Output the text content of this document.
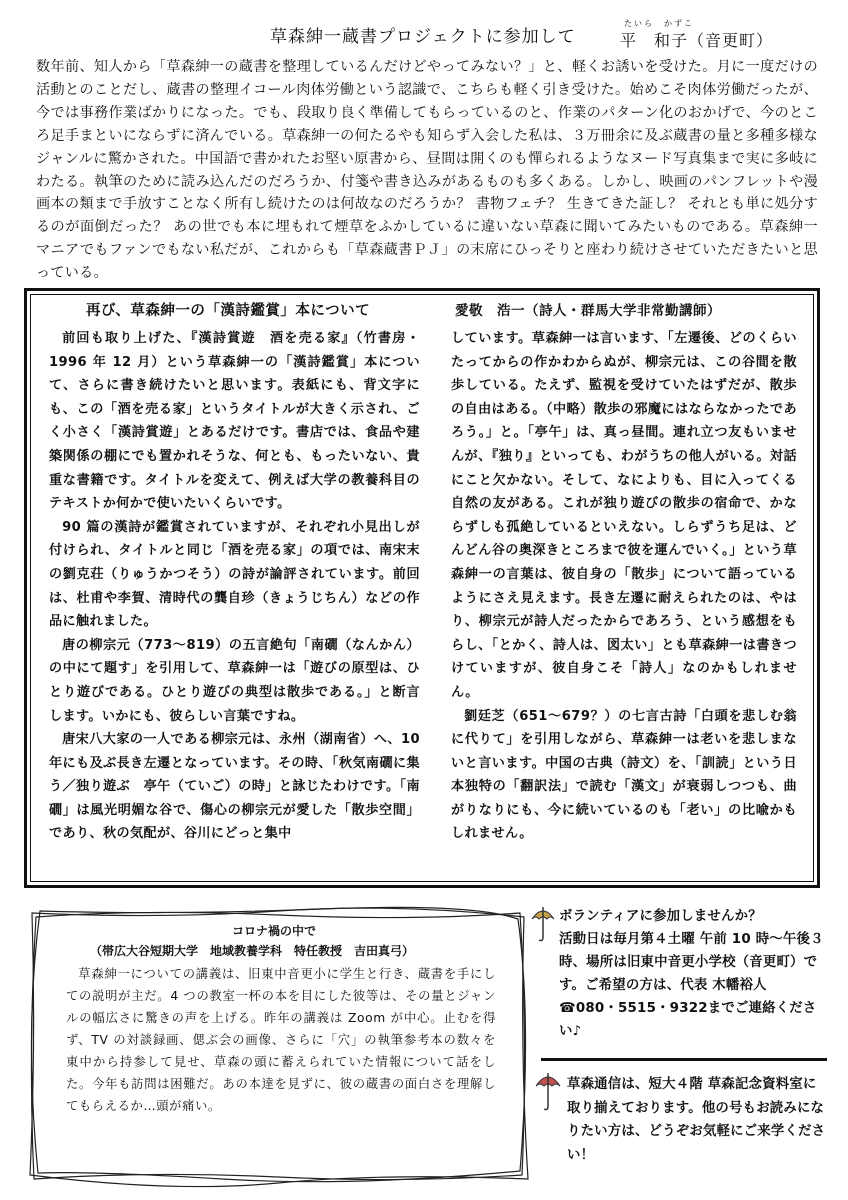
草森紳一蔵書プロジェクトに参加して
たいら　かずこ
平　和子（音更町）
数年前、知人から「草森紳一の蔵書を整理しているんだけどやってみない？」と、軽くお誘いを受けた。月に一度だけの活動とのことだし、蔵書の整理イコール肉体労働という認識で、こちらも軽く引き受けた。始めこそ肉体労働だったが、今では事務作業ばかりになった。でも、段取り良く準備してもらっているのと、作業のパターン化のおかげで、今のところ足手まといにならずに済んでいる。草森紳一の何たるやも知らず入会した私は、３万冊余に及ぶ蔵書の量と多種多様なジャンルに驚かされた。中国語で書かれたお堅い原書から、昼間は開くのも憚られるようなヌード写真集まで実に多岐にわたる。執筆のために読み込んだのだろうか、付箋や書き込みがあるものも多くある。しかし、映画のパンフレットや漫画本の類まで手放すことなく所有し続けたのは何故なのだろうか？ 書物フェチ？ 生きてきた証し？ それとも単に処分するのが面倒だった？ あの世でも本に埋もれて煙草をふかしているに違いない草森に聞いてみたいものである。草森紳一マニアでもファンでもない私だが、これからも「草森蔵書ＰＪ」の末席にひっそりと座わり続けさせていただきたいと思っている。
再び、草森紳一の「漢詩鑑賞」本について	愛敬　浩一（詩人・群馬大学非常勤講師）

前回も取り上げた、『漢詩賞遊　酒を売る家』（竹書房・1996 年 12 月）という草森紳一の「漢詩鑑賞」本について、さらに書き続けたいと思います。表紙にも、背文字にも、この「酒を売る家」というタイトルが大きく示され、ごく小さく「漢詩賞遊」とあるだけです。書店では、食品や建築関係の棚にでも置かれそうな、何とも、もったいない、貴重な書籍です。タイトルを変えて、例えば大学の教養科目のテキストか何かで使いたいくらいです。

90 篇の漢詩が鑑賞されていますが、それぞれ小見出しが付けられ、タイトルと同じ「酒を売る家」の項では、南宋末の劉克荘（りゅうかつそう）の詩が論評されています。前回は、杜甫や李賀、清時代の龔自珍（きょうじちん）などの作品に触れました。

唐の柳宗元（773～819）の五言絶句「南礀（なんかん）の中にて題す」を引用して、草森紳一は「遊びの原型は、ひとり遊びである。ひとり遊びの典型は散歩である。」と断言します。いかにも、彼らしい言葉ですね。

唐宋八大家の一人である柳宗元は、永州（湖南省）へ、10 年にも及ぶ長き左遷となっています。その時、「秋気南礀に集う／独り遊ぶ　亭午（ていご）の時」と詠じたわけです。「南礀」は風光明媚な谷で、傷心の柳宗元が愛した「散歩空間」であり、秋の気配が、谷川にどっと集中

しています。草森紳一は言います、「左遷後、どのくらいたってからの作かわからぬが、柳宗元は、この谷間を散歩している。たえず、監視を受けていたはずだが、散歩の自由はある。（中略）散歩の邪魔にはならなかったであろう。」と。「亭午」は、真っ昼間。連れ立つ友もいませんが、『独り』といっても、わがうちの他人がいる。対話にこと欠かない。そして、なによりも、目に入ってくる自然の友がある。これが独り遊びの散歩の宿命で、かならずしも孤絶しているといえない。しらずうち足は、どんどん谷の奥深きところまで彼を運んでいく。」という草森紳一の言葉は、彼自身の「散歩」について語っているようにさえ見えます。長き左遷に耐えられたのは、やはり、柳宗元が詩人だったからであろう、という感想をもらし、「とかく、詩人は、図太い」とも草森紳一は書きつけていますが、彼自身こそ「詩人」なのかもしれません。

劉廷芝（651～679？）の七言古詩「白頭を悲しむ翁に代りて」を引用しながら、草森紳一は老いを悲しまないと言います。中国の古典（詩文）を、「訓読」という日本独特の「翻訳法」で読む「漢文」が衰弱しつつも、曲がりなりにも、今に続いているのも「老い」の比喩かもしれません。

コロナ禍の中で
（帯広大谷短期大学　地域教養学科　特任教授　吉田真弓）

草森紳一についての講義は、旧東中音更小に学生と行き、蔵書を手にしての説明が主だ。4 つの教室一杯の本を目にした彼等は、その量とジャンルの幅広さに驚きの声を上げる。昨年の講義は Zoom が中心。止むを得ず、TV の対談録画、偲ぶ会の画像、さらに「穴」の執筆参考本の数々を東中から持参して見せ、草森の頭に蓄えられていた情報について話をした。今年も訪問は困難だ。あの本達を見ずに、彼の蔵書の面白さを理解してもらえるか…頭が痛い。

ボランティアに参加しませんか？
活動日は毎月第４土曜 午前 10 時～午後３時、場所は旧東中音更小学校（音更町）です。ご希望の方は、代表 木幡裕人 ☎080・5515・9322までご連絡ください♪
草森通信は、短大４階 草森記念資料室に取り揃えております。他の号もお読みになりたい方は、どうぞお気軽にご来学ください！
